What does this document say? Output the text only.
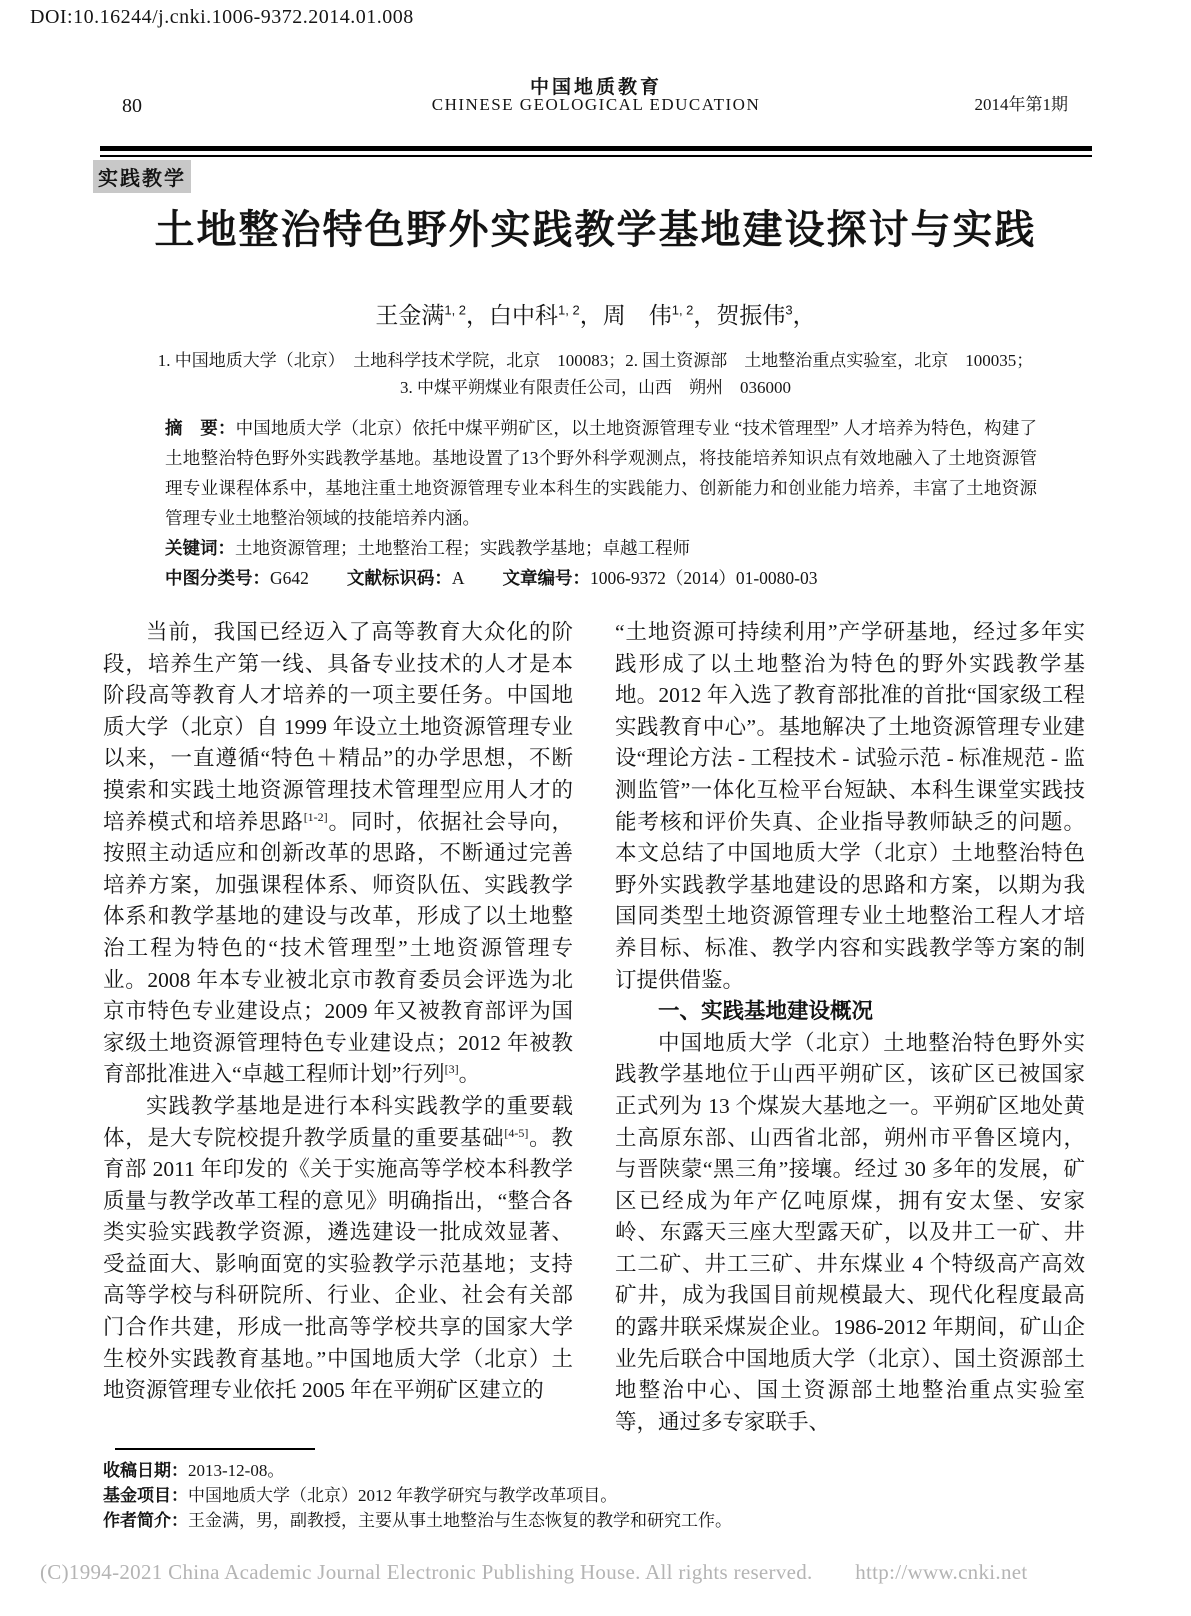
DOI:10.16244/j.cnki.1006-9372.2014.01.008
中国地质教育
CHINESE GEOLOGICAL EDUCATION
80	2014年第1期
实践教学
土地整治特色野外实践教学基地建设探讨与实践
王金满$^{1, 2}$，白中科$^{1, 2}$，周　伟$^{1, 2}$，贺振伟$^3$，
1. 中国地质大学（北京）　土地科学技术学院，北京　100083；2. 国土资源部　土地整治重点实验室，北京　100035；
3. 中煤平朔煤业有限责任公司，山西　朔州　036000

摘　要：中国地质大学（北京）依托中煤平朔矿区，以土地资源管理专业 “技术管理型” 人才培养为特色，构建了土地整治特色野外实践教学基地。基地设置了13个野外科学观测点，将技能培养知识点有效地融入了土地资源管理专业课程体系中，基地注重土地资源管理专业本科生的实践能力、创新能力和创业能力培养，丰富了土地资源管理专业土地整治领域的技能培养内涵。

关键词：土地资源管理；土地整治工程；实践教学基地；卓越工程师

中图分类号：G642 文献标识码：A 文章编号：1006-9372（2014）01-0080-03

当前，我国已经迈入了高等教育大众化的阶段，培养生产第一线、具备专业技术的人才是本阶段高等教育人才培养的一项主要任务。中国地质大学（北京）自 1999 年设立土地资源管理专业以来，一直遵循“特色＋精品”的办学思想，不断摸索和实践土地资源管理技术管理型应用人才的培养模式和培养思路[1-2]。同时，依据社会导向，按照主动适应和创新改革的思路，不断通过完善培养方案，加强课程体系、师资队伍、实践教学体系和教学基地的建设与改革，形成了以土地整治工程为特色的“技术管理型”土地资源管理专业。2008 年本专业被北京市教育委员会评选为北京市特色专业建设点；2009 年又被教育部评为国家级土地资源管理特色专业建设点；2012 年被教育部批准进入“卓越工程师计划”行列[3]。

实践教学基地是进行本科实践教学的重要载体，是大专院校提升教学质量的重要基础[4-5]。教育部 2011 年印发的《关于实施高等学校本科教学质量与教学改革工程的意见》明确指出，“整合各类实验实践教学资源，遴选建设一批成效显著、受益面大、影响面宽的实验教学示范基地；支持高等学校与科研院所、行业、企业、社会有关部门合作共建，形成一批高等学校共享的国家大学生校外实践教育基地。”中国地质大学（北京）土地资源管理专业依托 2005 年在平朔矿区建立的

“土地资源可持续利用”产学研基地，经过多年实践形成了以土地整治为特色的野外实践教学基地。2012 年入选了教育部批准的首批“国家级工程实践教育中心”。基地解决了土地资源管理专业建设“理论方法 - 工程技术 - 试验示范 - 标准规范 - 监测监管”一体化互检平台短缺、本科生课堂实践技能考核和评价失真、企业指导教师缺乏的问题。本文总结了中国地质大学（北京）土地整治特色野外实践教学基地建设的思路和方案，以期为我国同类型土地资源管理专业土地整治工程人才培养目标、标准、教学内容和实践教学等方案的制订提供借鉴。

一、实践基地建设概况

中国地质大学（北京）土地整治特色野外实践教学基地位于山西平朔矿区，该矿区已被国家正式列为 13 个煤炭大基地之一。平朔矿区地处黄土高原东部、山西省北部，朔州市平鲁区境内，与晋陕蒙“黑三角”接壤。经过 30 多年的发展，矿区已经成为年产亿吨原煤，拥有安太堡、安家岭、东露天三座大型露天矿，以及井工一矿、井工二矿、井工三矿、井东煤业 4 个特级高产高效矿井，成为我国目前规模最大、现代化程度最高的露井联采煤炭企业。1986-2012 年期间，矿山企业先后联合中国地质大学（北京）、国土资源部土地整治中心、国土资源部土地整治重点实验室等，通过多专家联手、

收稿日期：2013-12-08。
基金项目：中国地质大学（北京）2012 年教学研究与教学改革项目。
作者简介：王金满，男，副教授，主要从事土地整治与生态恢复的教学和研究工作。
(C)1994-2021 China Academic Journal Electronic Publishing House. All rights reserved.　　http://www.cnki.net
